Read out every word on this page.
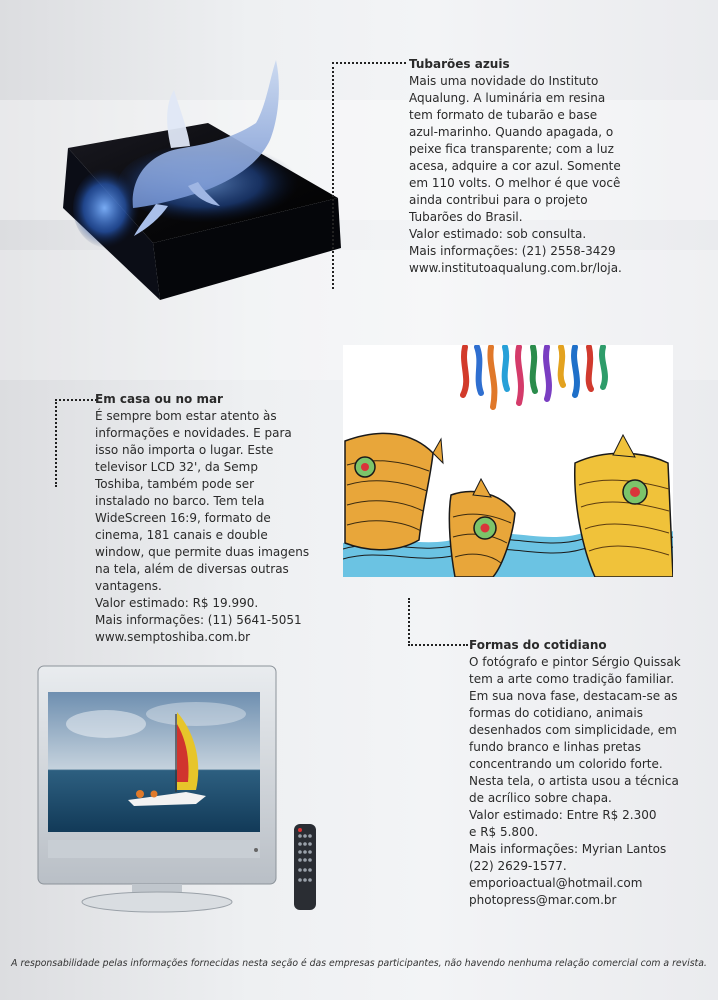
Tubarões azuis

Mais uma novidade do Instituto

Aqualung. A luminária em resina

tem formato de tubarão e base

azul-marinho. Quando apagada, o

peixe fica transparente; com a luz

acesa, adquire a cor azul. Somente

em 110 volts. O melhor é que você

ainda contribui para o projeto

Tubarões do Brasil.

Valor estimado: sob consulta.

Mais informações: (21) 2558-3429

www.institutoaqualung.com.br/loja.

Em casa ou no mar

É sempre bom estar atento às

informações e novidades. E para

isso não importa o lugar. Este

televisor LCD 32', da Semp

Toshiba, também pode ser

instalado no barco. Tem tela

WideScreen 16:9, formato de

cinema, 181 canais e double

window, que permite duas imagens

na tela, além de diversas outras

vantagens.

Valor estimado: R$ 19.990.

Mais informações: (11) 5641-5051

www.semptoshiba.com.br

Formas do cotidiano

O fotógrafo e pintor Sérgio Quissak

tem a arte como tradição familiar.

Em sua nova fase, destacam-se as

formas do cotidiano, animais

desenhados com simplicidade, em

fundo branco e linhas pretas

concentrando um colorido forte.

Nesta tela, o artista usou a técnica

de acrílico sobre chapa.

Valor estimado: Entre R$ 2.300

e R$ 5.800.

Mais informações: Myrian Lantos

(22) 2629-1577.

emporioactual@hotmail.com

photopress@mar.com.br

A responsabilidade pelas informações fornecidas nesta seção é das empresas participantes, não havendo nenhuma relação comercial com a revista.
